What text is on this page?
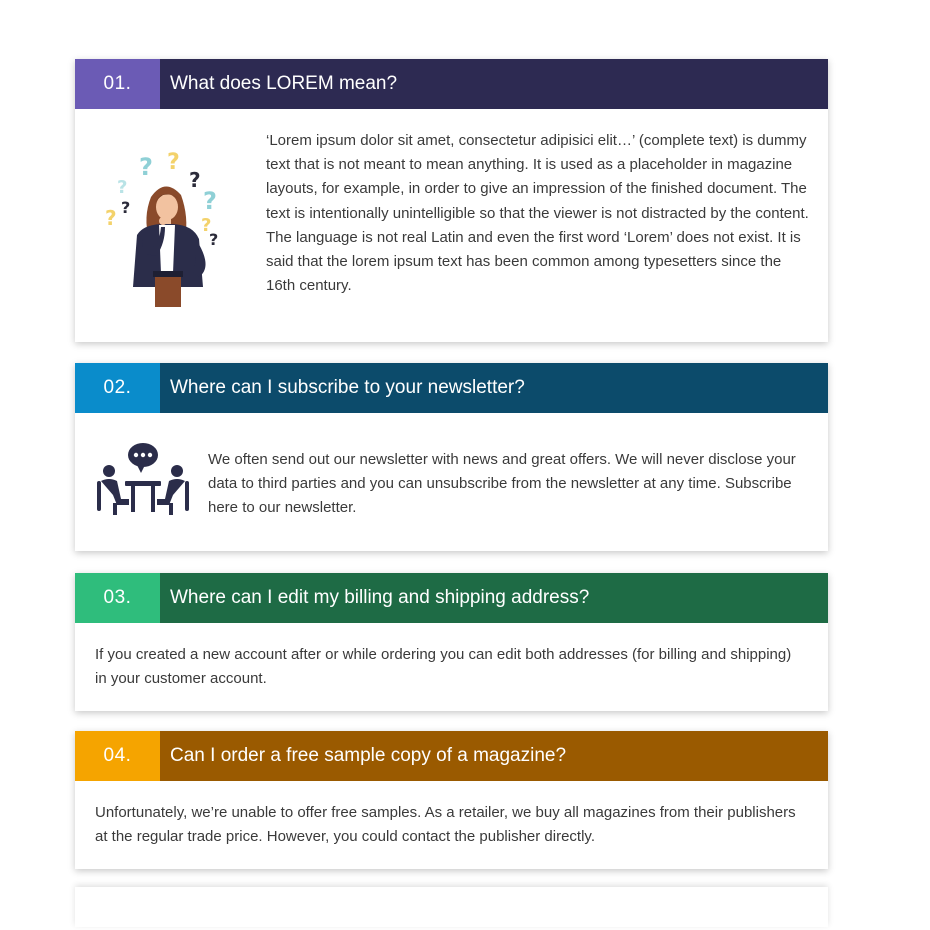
01.	What does LOREM mean?
? ?
?
?	?
? ?
?
?
‘Lorem ipsum dolor sit amet, consectetur adipisici elit…’ (complete text) is dummy text that is not meant to mean anything. It is used as a placeholder in magazine layouts, for example, in order to give an impression of the finished document. The text is intentionally unintelligible so that the viewer is not distracted by the content. The language is not real Latin and even the first word ‘Lorem’ does not exist. It is said that the lorem ipsum text has been common among typesetters since the 16th century.
02.	Where can I subscribe to your newsletter?
We often send out our newsletter with news and great offers. We will never disclose your data to third parties and you can unsubscribe from the newsletter at any time. Subscribe here to our newsletter.
03.	Where can I edit my billing and shipping address?
If you created a new account after or while ordering you can edit both addresses (for billing and shipping) in your customer account.
04.	Can I order a free sample copy of a magazine?
Unfortunately, we’re unable to offer free samples. As a retailer, we buy all magazines from their publishers at the regular trade price. However, you could contact the publisher directly.
